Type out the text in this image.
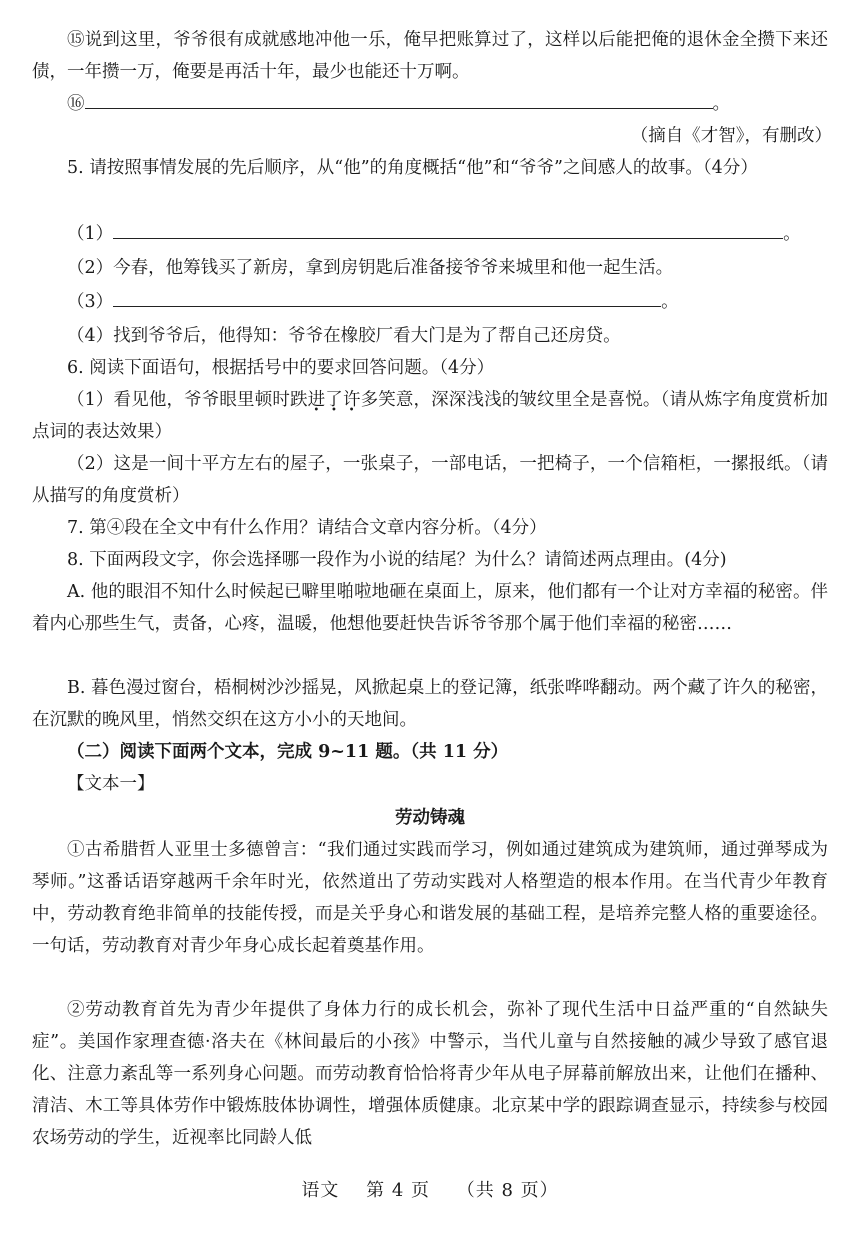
⑮说到这里，爷爷很有成就感地冲他一乐，俺早把账算过了，这样以后能把俺的退休金全攒下来还债，一年攒一万，俺要是再活十年，最少也能还十万啊。

⑯	。

（摘自《才智》，有删改）

5. 请按照事情发展的先后顺序，从“他”的角度概括“他”和“爷爷”之间感人的故事。（4分）

（1）	。

（2）今春，他筹钱买了新房，拿到房钥匙后准备接爷爷来城里和他一起生活。

（3）	。

（4）找到爷爷后，他得知：爷爷在橡胶厂看大门是为了帮自己还房贷。

6. 阅读下面语句，根据括号中的要求回答问题。（4分）

（1）看见他，爷爷眼里顿时跌进了许多笑意，深深浅浅的皱纹里全是喜悦。（请从炼字角度赏析加点词的表达效果）

（2）这是一间十平方左右的屋子，一张桌子，一部电话，一把椅子，一个信箱柜，一摞报纸。（请从描写的角度赏析）

7. 第④段在全文中有什么作用？请结合文章内容分析。（4分）

8. 下面两段文字，你会选择哪一段作为小说的结尾？为什么？请简述两点理由。(4分)

A. 他的眼泪不知什么时候起已噼里啪啦地砸在桌面上，原来，他们都有一个让对方幸福的秘密。伴着内心那些生气，责备，心疼，温暖，他想他要赶快告诉爷爷那个属于他们幸福的秘密……

B. 暮色漫过窗台，梧桐树沙沙摇晃，风掀起桌上的登记簿，纸张哗哗翻动。两个藏了许久的秘密，在沉默的晚风里，悄然交织在这方小小的天地间。

（二）阅读下面两个文本，完成 9~11 题。（共 11 分）

【文本一】

劳动铸魂

①古希腊哲人亚里士多德曾言：“我们通过实践而学习，例如通过建筑成为建筑师，通过弹琴成为琴师。”这番话语穿越两千余年时光，依然道出了劳动实践对人格塑造的根本作用。在当代青少年教育中，劳动教育绝非简单的技能传授，而是关乎身心和谐发展的基础工程，是培养完整人格的重要途径。一句话，劳动教育对青少年身心成长起着奠基作用。

②劳动教育首先为青少年提供了身体力行的成长机会，弥补了现代生活中日益严重的“自然缺失症”。美国作家理查德·洛夫在《林间最后的小孩》中警示，当代儿童与自然接触的减少导致了感官退化、注意力紊乱等一系列身心问题。而劳动教育恰恰将青少年从电子屏幕前解放出来，让他们在播种、清洁、木工等具体劳作中锻炼肢体协调性，增强体质健康。北京某中学的跟踪调查显示，持续参与校园农场劳动的学生，近视率比同龄人低

语文 第 4 页 （共 8 页）
